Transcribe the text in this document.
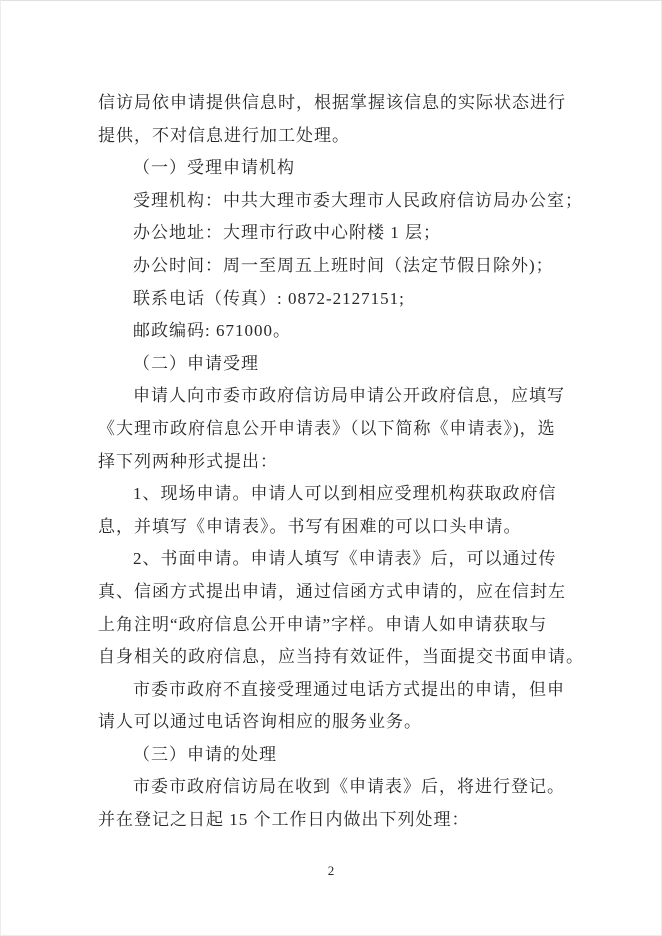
信访局依申请提供信息时，根据掌握该信息的实际状态进行
提供，不对信息进行加工处理。
（一）受理申请机构
受理机构：中共大理市委大理市人民政府信访局办公室；
办公地址：大理市行政中心附楼 1 层；
办公时间：周一至周五上班时间（法定节假日除外)；
联系电话（传真）: 0872-2127151;
邮政编码: 671000。
（二）申请受理
申请人向市委市政府信访局申请公开政府信息，应填写
《大理市政府信息公开申请表》（以下简称《申请表》)，选
择下列两种形式提出：
1、现场申请。申请人可以到相应受理机构获取政府信
息，并填写《申请表》。书写有困难的可以口头申请。
2、书面申请。申请人填写《申请表》后，可以通过传
真、信函方式提出申请，通过信函方式申请的，应在信封左
上角注明“政府信息公开申请”字样。申请人如申请获取与
自身相关的政府信息，应当持有效证件，当面提交书面申请。
市委市政府不直接受理通过电话方式提出的申请，但申
请人可以通过电话咨询相应的服务业务。
（三）申请的处理
市委市政府信访局在收到《申请表》后，将进行登记。
并在登记之日起 15 个工作日内做出下列处理：
2
